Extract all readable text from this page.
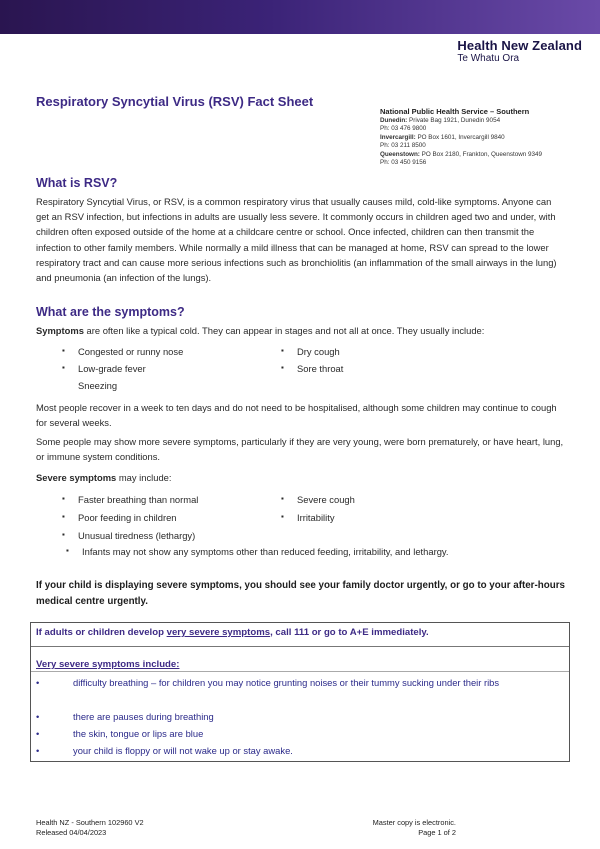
Health New Zealand
Te Whatu Ora
Respiratory Syncytial Virus (RSV) Fact Sheet
National Public Health Service – Southern
Dunedin: Private Bag 1921, Dunedin 9054
Ph: 03 476 9800
Invercargill: PO Box 1601, Invercargill 9840
Ph: 03 211 8500
Queenstown: PO Box 2180, Frankton, Queenstown 9349
Ph: 03 450 9156
What is RSV?
Respiratory Syncytial Virus, or RSV, is a common respiratory virus that usually causes mild, cold-like symptoms. Anyone can get an RSV infection, but infections in adults are usually less severe. It commonly occurs in children aged two and under, with children often exposed outside of the home at a childcare centre or school. Once infected, children can then transmit the infection to other family members. While normally a mild illness that can be managed at home, RSV can spread to the lower respiratory tract and can cause more serious infections such as bronchiolitis (an inflammation of the small airways in the lung) and pneumonia (an infection of the lungs).
What are the symptoms?
Symptoms are often like a typical cold. They can appear in stages and not all at once. They usually include:
▪ Congested or runny nose
▪ Low-grade fever
Sneezing
▪ Dry cough
▪ Sore throat
Most people recover in a week to ten days and do not need to be hospitalised, although some children may continue to cough for several weeks.
Some people may show more severe symptoms, particularly if they are very young, were born prematurely, or have heart, lung, or immune system conditions.
Severe symptoms may include:
▪ Faster breathing than normal
▪ Poor feeding in children
▪ Unusual tiredness (lethargy)
▪ Severe cough
▪ Irritability
▪ Infants may not show any symptoms other than reduced feeding, irritability, and lethargy.
If your child is displaying severe symptoms, you should see your family doctor urgently, or go to your after-hours medical centre urgently.
If adults or children develop very severe symptoms, call 111 or go to A+E immediately.
Very severe symptoms include:
•	difficulty breathing – for children you may notice grunting noises or their tummy sucking under their ribs
•	there are pauses during breathing
•	the skin, tongue or lips are blue
•	your child is floppy or will not wake up or stay awake.
Health NZ - Southern 102960 V2
Released 04/04/2023
Master copy is electronic.
Page 1 of 2
